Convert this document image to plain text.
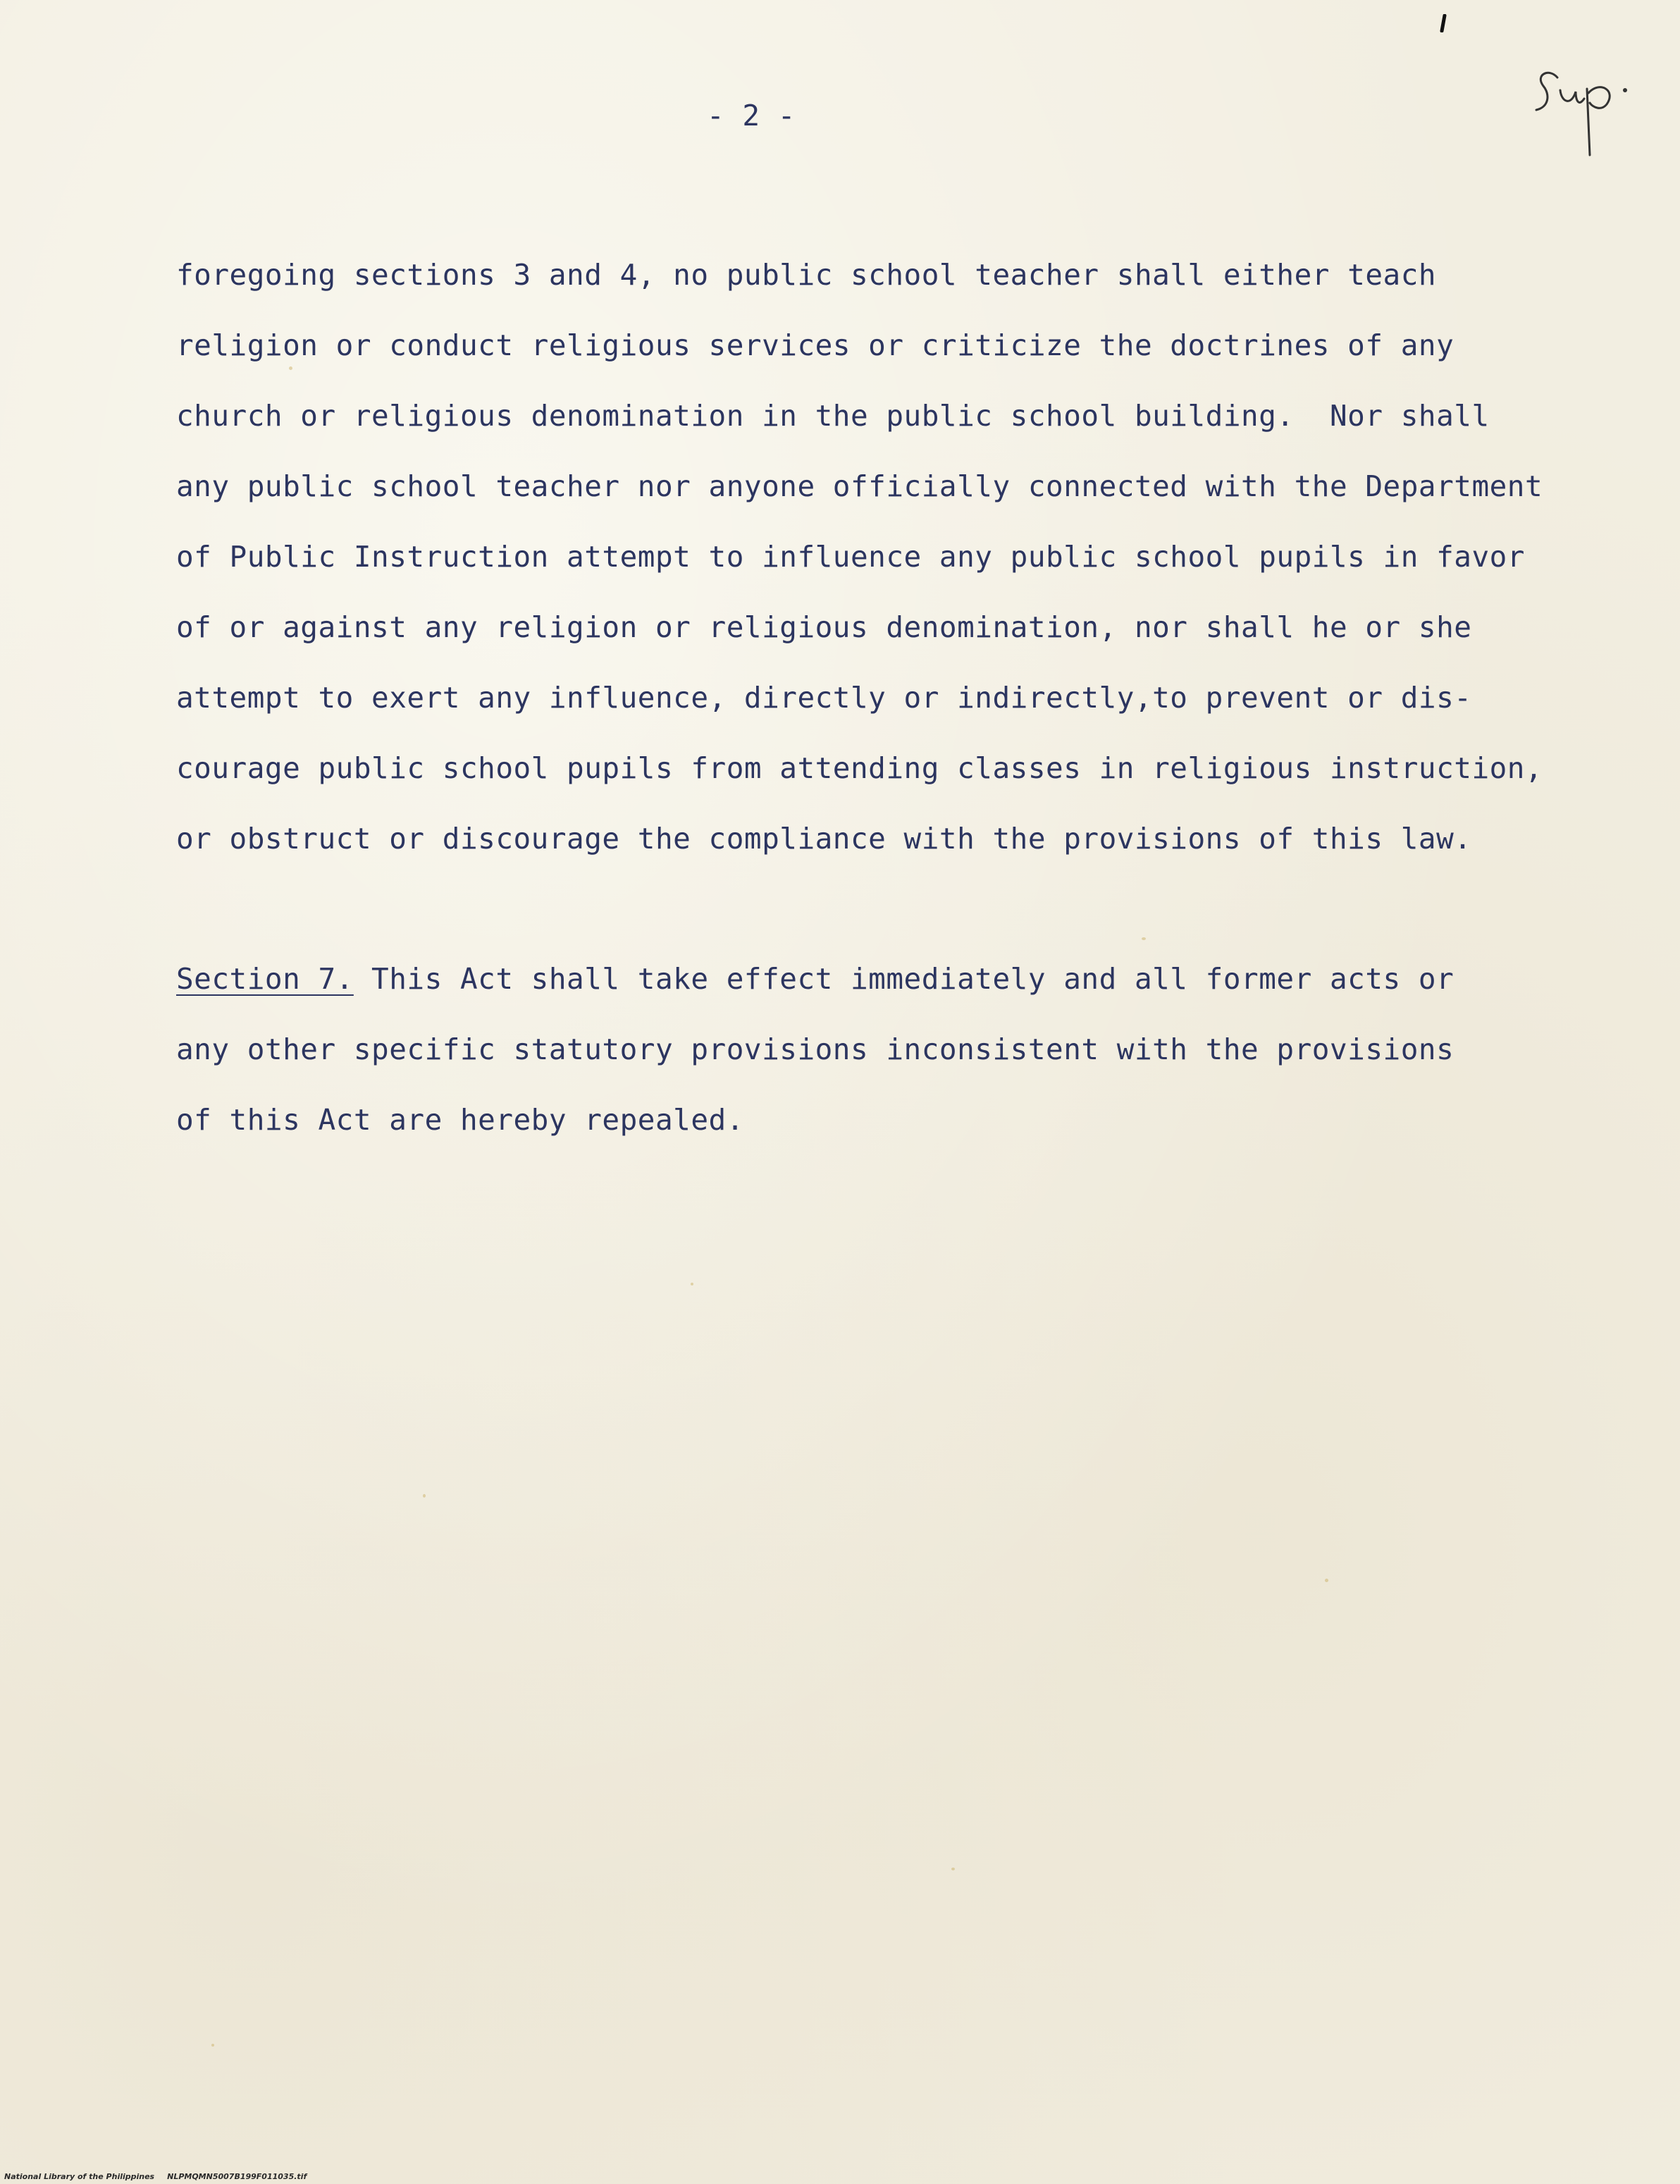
- 2 -
foregoing sections 3 and 4, no public school teacher shall either teach
religion or conduct religious services or criticize the doctrines of any
church or religious denomination in the public school building.  Nor shall
any public school teacher nor anyone officially connected with the Department
of Public Instruction attempt to influence any public school pupils in favor
of or against any religion or religious denomination, nor shall he or she
attempt to exert any influence, directly or indirectly,to prevent or dis-
courage public school pupils from attending classes in religious instruction,
or obstruct or discourage the compliance with the provisions of this law.
Section 7. This Act shall take effect immediately and all former acts or
any other specific statutory provisions inconsistent with the provisions
of this Act are hereby repealed.
National Library of the Philippines NLPMQMN5007B199F011035.tif
